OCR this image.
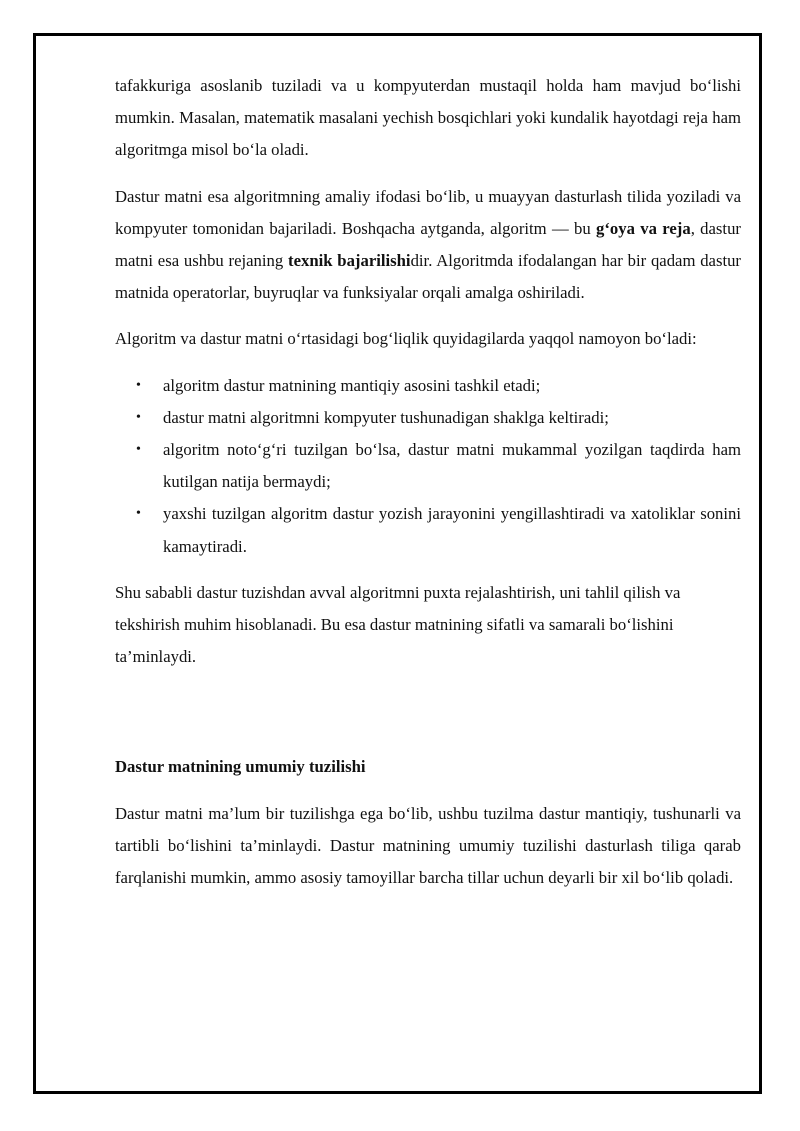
tafakkuriga asoslanib tuziladi va u kompyuterdan mustaqil holda ham mavjud bo‘lishi mumkin. Masalan, matematik masalani yechish bosqichlari yoki kundalik hayotdagi reja ham algoritmga misol bo‘la oladi.

Dastur matni esa algoritmning amaliy ifodasi bo‘lib, u muayyan dasturlash tilida yoziladi va kompyuter tomonidan bajariladi. Boshqacha aytganda, algoritm — bu g‘oya va reja, dastur matni esa ushbu rejaning texnik bajarilishidir. Algoritmda ifodalangan har bir qadam dastur matnida operatorlar, buyruqlar va funksiyalar orqali amalga oshiriladi.

Algoritm va dastur matni o‘rtasidagi bog‘liqlik quyidagilarda yaqqol namoyon bo‘ladi:

• algoritm dastur matnining mantiqiy asosini tashkil etadi;
• dastur matni algoritmni kompyuter tushunadigan shaklga keltiradi;
• algoritm noto‘g‘ri tuzilgan bo‘lsa, dastur matni mukammal yozilgan taqdirda ham kutilgan natija bermaydi;
• yaxshi tuzilgan algoritm dastur yozish jarayonini yengillashtiradi va xatoliklar sonini kamaytiradi.

Shu sababli dastur tuzishdan avval algoritmni puxta rejalashtirish, uni tahlil qilish va tekshirish muhim hisoblanadi. Bu esa dastur matnining sifatli va samarali bo‘lishini ta’minlaydi.

Dastur matnining umumiy tuzilishi

Dastur matni ma’lum bir tuzilishga ega bo‘lib, ushbu tuzilma dastur mantiqiy, tushunarli va tartibli bo‘lishini ta’minlaydi. Dastur matnining umumiy tuzilishi dasturlash tiliga qarab farqlanishi mumkin, ammo asosiy tamoyillar barcha tillar uchun deyarli bir xil bo‘lib qoladi.
